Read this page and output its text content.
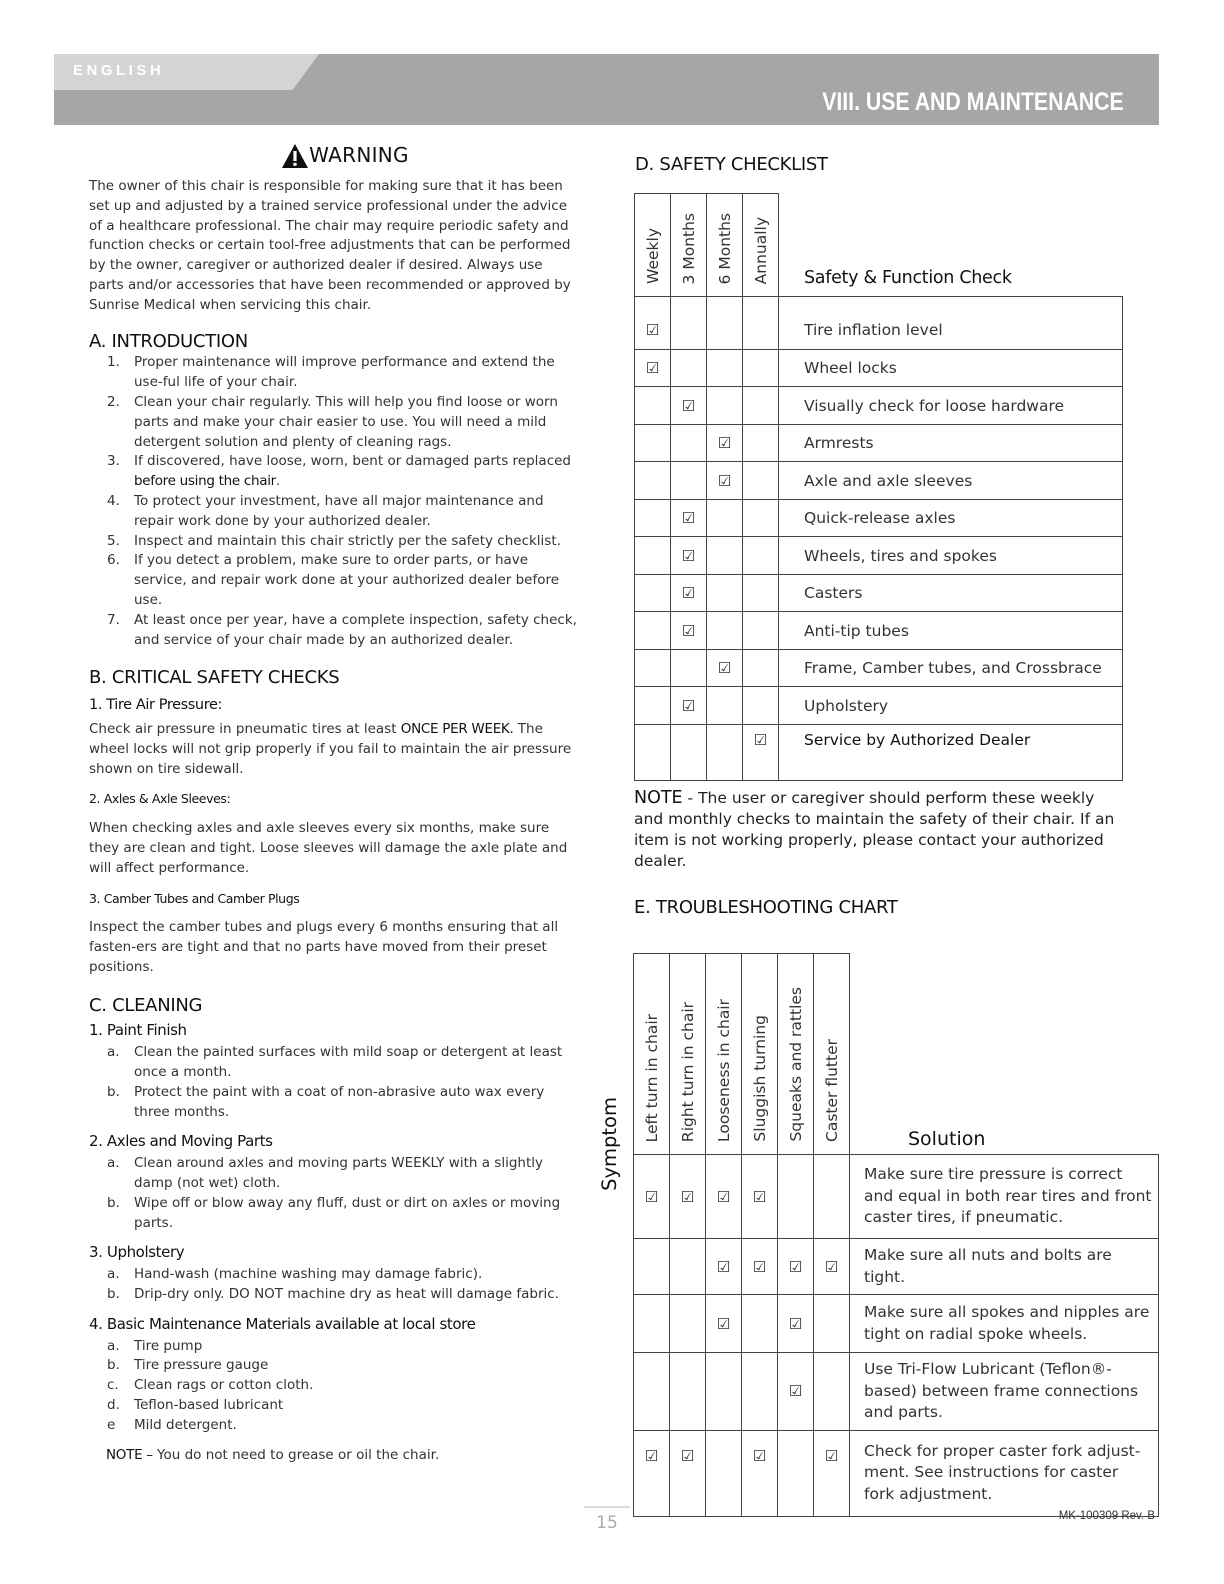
ENGLISH
VIII. USE AND MAINTENANCE
WARNING

The owner of this chair is responsible for making sure that it has been set up and adjusted by a trained service professional under the advice of a healthcare professional. The chair may require periodic safety and function checks or certain tool-free adjustments that can be performed by the owner, caregiver or authorized dealer if desired. Always use parts and/or accessories that have been recommended or approved by Sunrise Medical when servicing this chair.

A. INTRODUCTION
1.	Proper maintenance will improve performance and extend the use-ful life of your chair.
2.	Clean your chair regularly. This will help you find loose or worn parts and make your chair easier to use. You will need a mild detergent solution and plenty of cleaning rags.
3.	If discovered, have loose, worn, bent or damaged parts replaced
before using the chair.
4.	To protect your investment, have all major maintenance and repair work done by your authorized dealer.
5.	Inspect and maintain this chair strictly per the safety checklist.
6.	If you detect a problem, make sure to order parts, or have service, and repair work done at your authorized dealer before use.
7.	At least once per year, have a complete inspection, safety check, and service of your chair made by an authorized dealer.
B. CRITICAL SAFETY CHECKS
1. Tire Air Pressure:

Check air pressure in pneumatic tires at least ONCE PER WEEK. The wheel locks will not grip properly if you fail to maintain the air pressure shown on tire sidewall.

2. Axles & Axle Sleeves:

When checking axles and axle sleeves every six months, make sure they are clean and tight. Loose sleeves will damage the axle plate and will affect performance.

3. Camber Tubes and Camber Plugs

Inspect the camber tubes and plugs every 6 months ensuring that all fasten-ers are tight and that no parts have moved from their preset positions.

C. CLEANING
1. Paint Finish
a.	Clean the painted surfaces with mild soap or detergent at least once a month.
b.	Protect the paint with a coat of non-abrasive auto wax every three months.
2. Axles and Moving Parts
a.	Clean around axles and moving parts WEEKLY with a slightly damp (not wet) cloth.
b.	Wipe off or blow away any fluff, dust or dirt on axles or moving parts.
3. Upholstery
a.	Hand-wash (machine washing may damage fabric).
b.	Drip-dry only. DO NOT machine dry as heat will damage fabric.
4. Basic Maintenance Materials available at local store
a.	Tire pump
b.	Tire pressure gauge
c.	Clean rags or cotton cloth.
d.	Teflon-based lubricant
e	Mild detergent.

NOTE – You do not need to grease or oil the chair.

D. SAFETY CHECKLIST
Weekly	3 Months	6 Months	Annually	Safety & Function Check
☑				Tire inflation level
☑				Wheel locks
	☑			Visually check for loose hardware
		☑		Armrests
		☑		Axle and axle sleeves
	☑			Quick-release axles
	☑			Wheels, tires and spokes
	☑			Casters
	☑			Anti-tip tubes
		☑		Frame, Camber tubes, and Crossbrace
	☑			Upholstery
			☑	Service by Authorized Dealer
NOTE - The user or caregiver should perform these weekly and monthly checks to maintain the safety of their chair. If an item is not working properly, please contact your authorized dealer.
E. TROUBLESHOOTING CHART
Symptom
Left turn in chair	Right turn in chair	Looseness in chair	Sluggish turning	Squeaks and rattles	Caster flutter	Solution
☑	☑	☑	☑			Make sure tire pressure is correct and equal in both rear tires and front caster tires, if pneumatic.
		☑	☑	☑	☑	Make sure all nuts and bolts are tight.
		☑		☑		Make sure all spokes and nipples are tight on radial spoke wheels.
				☑		Use Tri-Flow Lubricant (Teflon®-based) between frame connections and parts.
☑	☑		☑		☑	Check for proper caster fork adjust-ment. See instructions for caster fork adjustment.
15	MK-100309 Rev. B
